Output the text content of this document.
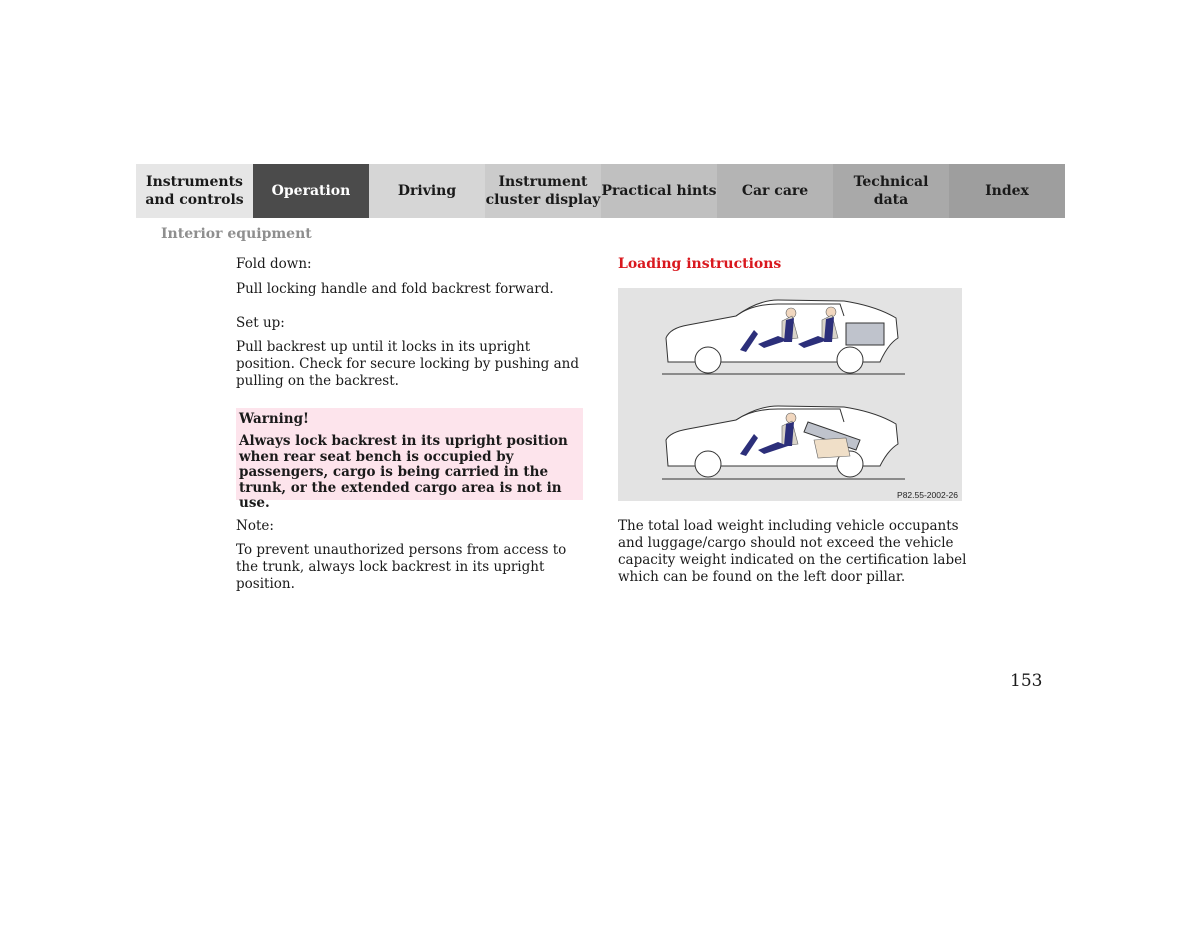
Instruments
and controls
Operation	Driving
Instrument
cluster display
Practical hints Car care
Technical
data
Index
Interior equipment

Fold down:

Pull locking handle and fold backrest forward.

Set up:

Pull backrest up until it locks in its upright position. Check for secure locking by pushing and pulling on the backrest.

Warning!

Always lock backrest in its upright position when rear seat bench is occupied by passengers, cargo is being carried in the trunk, or the extended cargo area is not in use.

Note:

To prevent unauthorized persons from access to the trunk, always lock backrest in its upright position.

Loading instructions
P82.55-2002-26

The total load weight including vehicle occupants and luggage/cargo should not exceed the vehicle capacity weight indicated on the certification label which can be found on the left door pillar.

153
